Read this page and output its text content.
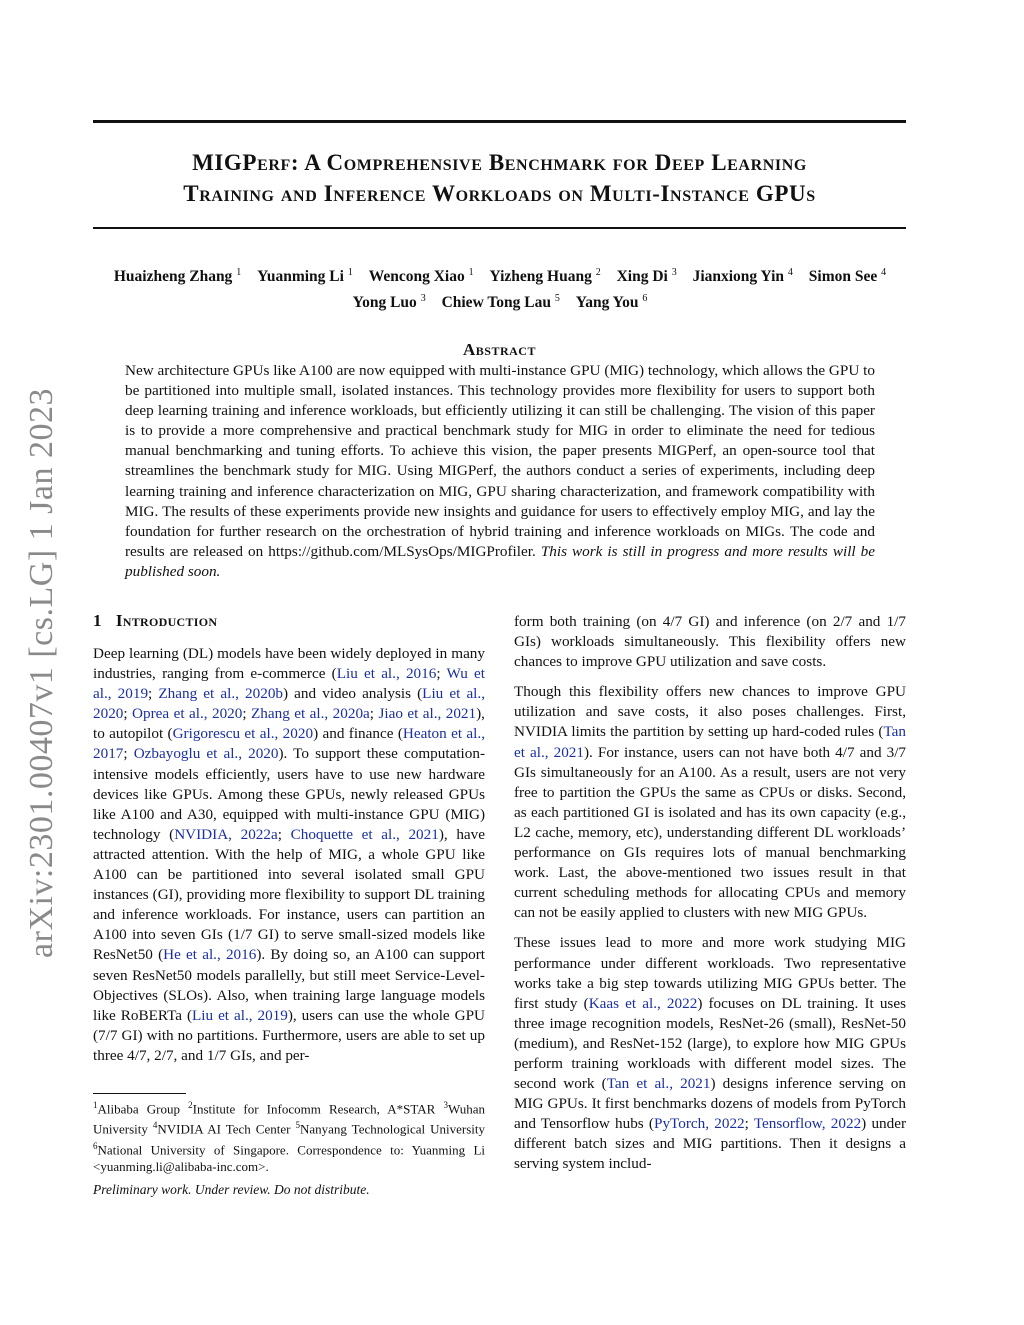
arXiv:2301.00407v1 [cs.LG] 1 Jan 2023
MIGPerf: A Comprehensive Benchmark for Deep Learning
Training and Inference Workloads on Multi-Instance GPUs
Huaizheng Zhang $^1$ Yuanming Li $^1$ Wencong Xiao $^1$ Yizheng Huang $^2$ Xing Di $^3$ Jianxiong Yin $^4$ Simon See $^4$
Yong Luo $^3$ Chiew Tong Lau $^5$ Yang You $^6$
Abstract

New architecture GPUs like A100 are now equipped with multi-instance GPU (MIG) technology, which allows the GPU to be partitioned into multiple small, isolated instances. This technology provides more flexibility for users to support both deep learning training and inference workloads, but efficiently utilizing it can still be challenging. The vision of this paper is to provide a more comprehensive and practical benchmark study for MIG in order to eliminate the need for tedious manual benchmarking and tuning efforts. To achieve this vision, the paper presents MIGPerf, an open-source tool that streamlines the benchmark study for MIG. Using MIGPerf, the authors conduct a series of experiments, including deep learning training and inference characterization on MIG, GPU sharing characterization, and framework compatibility with MIG. The results of these experiments provide new insights and guidance for users to effectively employ MIG, and lay the foundation for further research on the orchestration of hybrid training and inference workloads on MIGs. The code and results are released on https://github.com/MLSysOps/MIGProfiler. This work is still in progress and more results will be published soon.

1 Introduction

Deep learning (DL) models have been widely deployed in many industries, ranging from e-commerce (Liu et al., 2016; Wu et al., 2019; Zhang et al., 2020b) and video analysis (Liu et al., 2020; Oprea et al., 2020; Zhang et al., 2020a; Jiao et al., 2021), to autopilot (Grigorescu et al., 2020) and finance (Heaton et al., 2017; Ozbayoglu et al., 2020). To support these computation-intensive models efficiently, users have to use new hardware devices like GPUs. Among these GPUs, newly released GPUs like A100 and A30, equipped with multi-instance GPU (MIG) technology (NVIDIA, 2022a; Choquette et al., 2021), have attracted attention. With the help of MIG, a whole GPU like A100 can be partitioned into several isolated small GPU instances (GI), providing more flexibility to support DL training and inference workloads. For instance, users can partition an A100 into seven GIs (1/7 GI) to serve small-sized models like ResNet50 (He et al., 2016). By doing so, an A100 can support seven ResNet50 models parallelly, but still meet Service-Level-Objectives (SLOs). Also, when training large language models like RoBERTa (Liu et al., 2019), users can use the whole GPU (7/7 GI) with no partitions. Furthermore, users are able to set up three 4/7, 2/7, and 1/7 GIs, and per-

form both training (on 4/7 GI) and inference (on 2/7 and 1/7 GIs) workloads simultaneously. This flexibility offers new chances to improve GPU utilization and save costs.

Though this flexibility offers new chances to improve GPU utilization and save costs, it also poses challenges. First, NVIDIA limits the partition by setting up hard-coded rules (Tan et al., 2021). For instance, users can not have both 4/7 and 3/7 GIs simultaneously for an A100. As a result, users are not very free to partition the GPUs the same as CPUs or disks. Second, as each partitioned GI is isolated and has its own capacity (e.g., L2 cache, memory, etc), understanding different DL workloads’ performance on GIs requires lots of manual benchmarking work. Last, the above-mentioned two issues result in that current scheduling methods for allocating CPUs and memory can not be easily applied to clusters with new MIG GPUs.

These issues lead to more and more work studying MIG performance under different workloads. Two representative works take a big step towards utilizing MIG GPUs better. The first study (Kaas et al., 2022) focuses on DL training. It uses three image recognition models, ResNet-26 (small), ResNet-50 (medium), and ResNet-152 (large), to explore how MIG GPUs perform training workloads with different model sizes. The second work (Tan et al., 2021) designs inference serving on MIG GPUs. It first benchmarks dozens of models from PyTorch and Tensorflow hubs (PyTorch, 2022; Tensorflow, 2022) under different batch sizes and MIG partitions. Then it designs a serving system includ-

$^1$Alibaba Group $^2$Institute for Infocomm Research, A*STAR $^3$Wuhan University $^4$NVIDIA AI Tech Center $^5$Nanyang Technological University $^6$National University of Singapore. Correspondence to: Yuanming Li <yuanming.li@alibaba-inc.com>.

Preliminary work. Under review. Do not distribute.
